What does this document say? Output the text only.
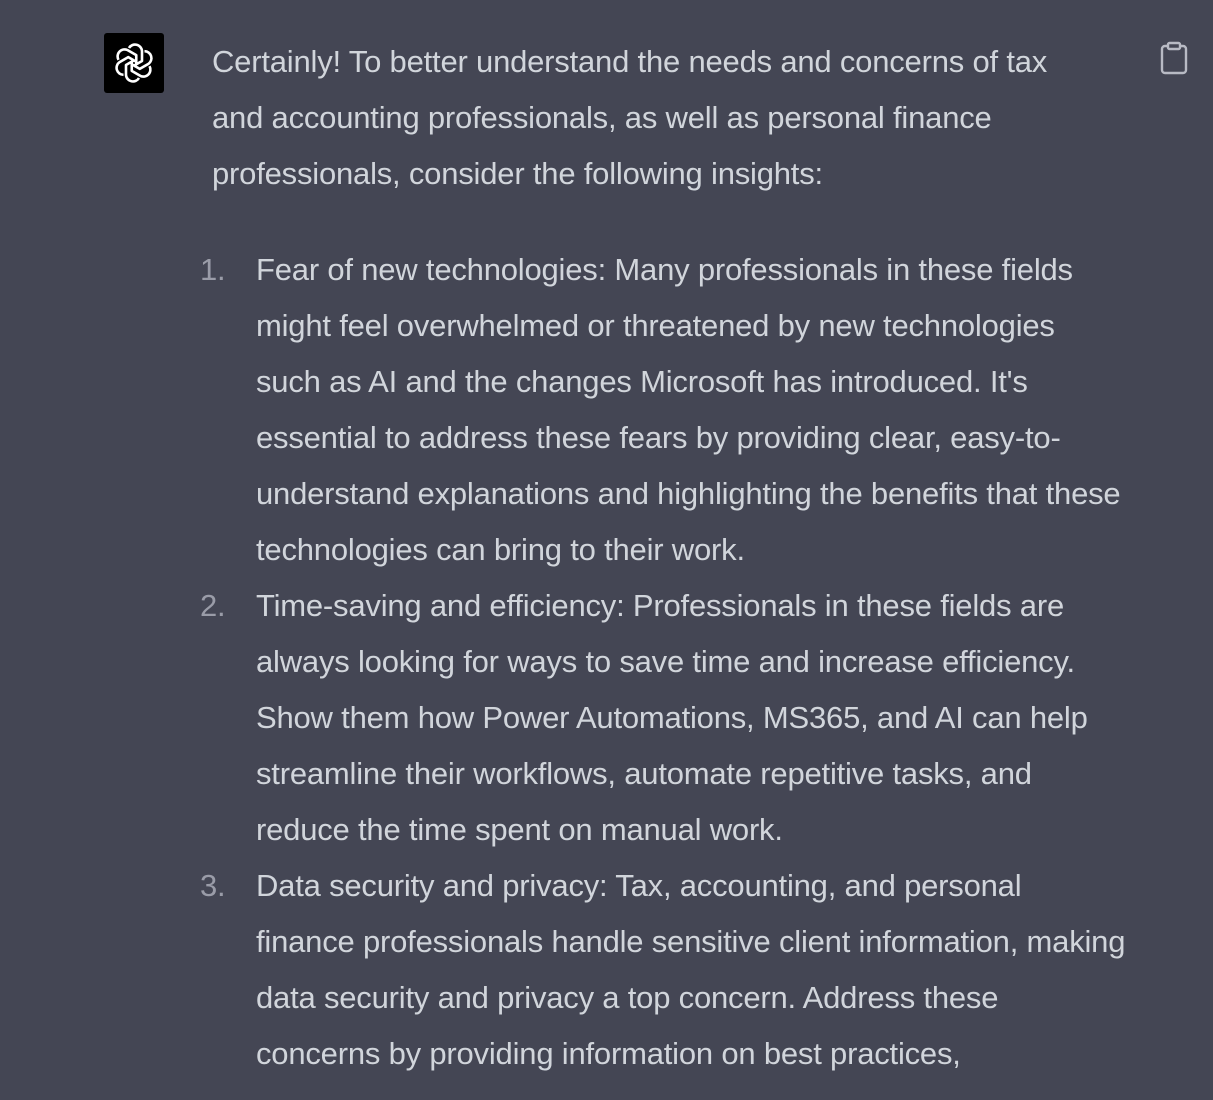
Certainly! To better understand the needs and concerns of tax and accounting professionals, as well as personal finance professionals, consider the following insights:

1. Fear of new technologies: Many professionals in these fields might feel overwhelmed or threatened by new technologies such as AI and the changes Microsoft has introduced. It's essential to address these fears by providing clear, easy-to-understand explanations and highlighting the benefits that these technologies can bring to their work.
2. Time-saving and efficiency: Professionals in these fields are always looking for ways to save time and increase efficiency. Show them how Power Automations, MS365, and AI can help streamline their workflows, automate repetitive tasks, and reduce the time spent on manual work.
3. Data security and privacy: Tax, accounting, and personal finance professionals handle sensitive client information, making data security and privacy a top concern. Address these concerns by providing information on best practices,
